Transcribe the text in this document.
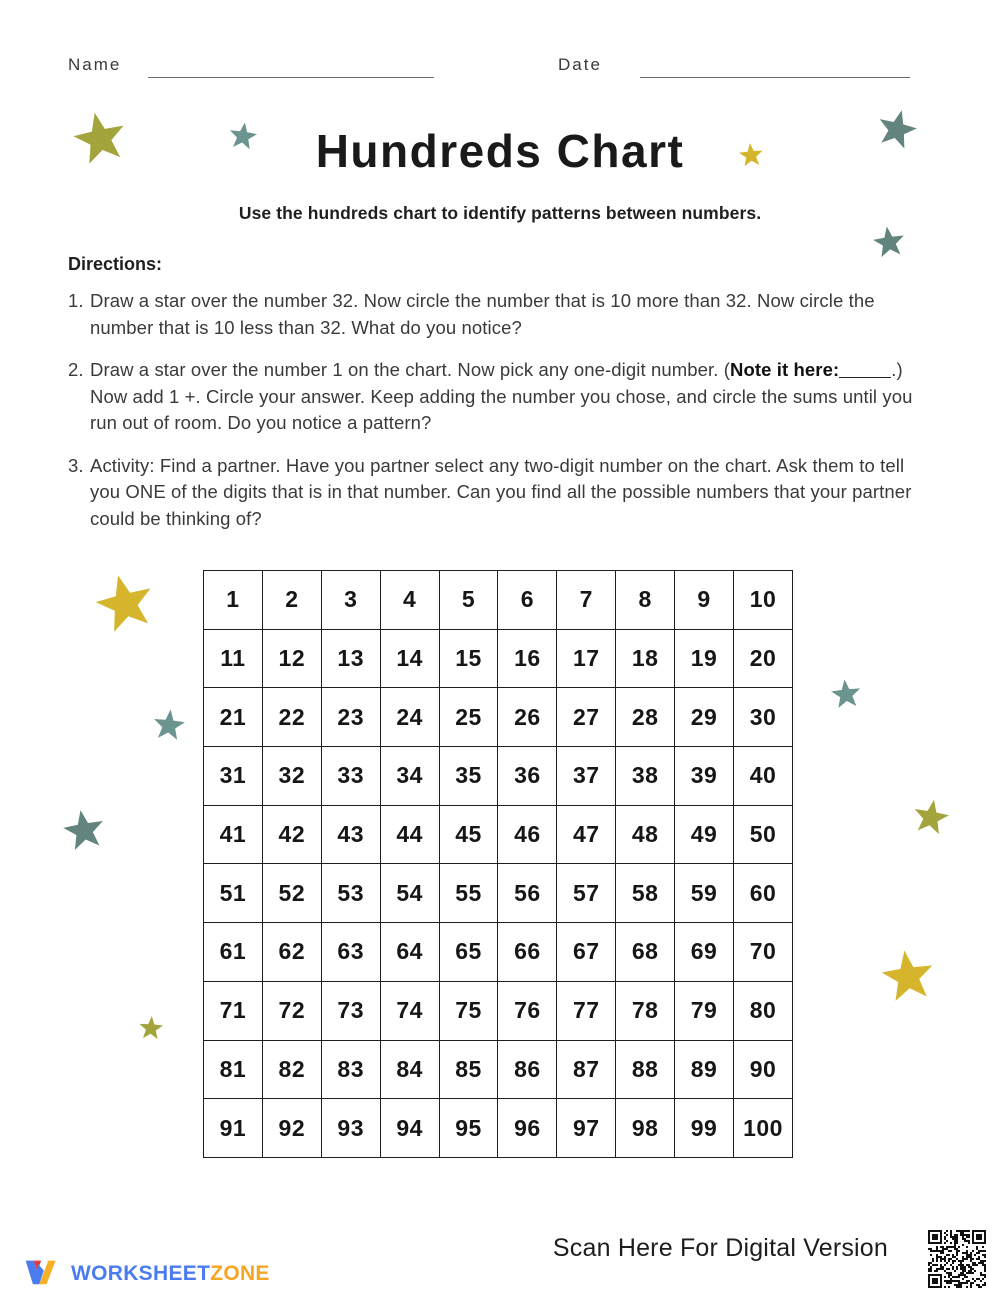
Name	Date
Hundreds Chart
Use the hundreds chart to identify patterns between numbers.
Directions:
1. Draw a star over the number 32. Now circle the number that is 10 more than 32. Now circle the number that is 10 less than 32. What do you notice?
2. Draw a star over the number 1 on the chart. Now pick any one-digit number. (Note it here:	.) Now add 1 +. Circle your answer. Keep adding the number you chose, and circle the sums until you run out of room. Do you notice a pattern?
3. Activity: Find a partner. Have you partner select any two-digit number on the chart. Ask them to tell you ONE of the digits that is in that number. Can you find all the possible numbers that your partner could be thinking of?
1	2	3	4	5	6	7	8	9	10
11	12	13	14	15	16	17	18	19	20
21	22	23	24	25	26	27	28	29	30
31	32	33	34	35	36	37	38	39	40
41	42	43	44	45	46	47	48	49	50
51	52	53	54	55	56	57	58	59	60
61	62	63	64	65	66	67	68	69	70
71	72	73	74	75	76	77	78	79	80
81	82	83	84	85	86	87	88	89	90
91	92	93	94	95	96	97	98	99	100
WORKSHEETZONE
Scan Here For Digital Version
